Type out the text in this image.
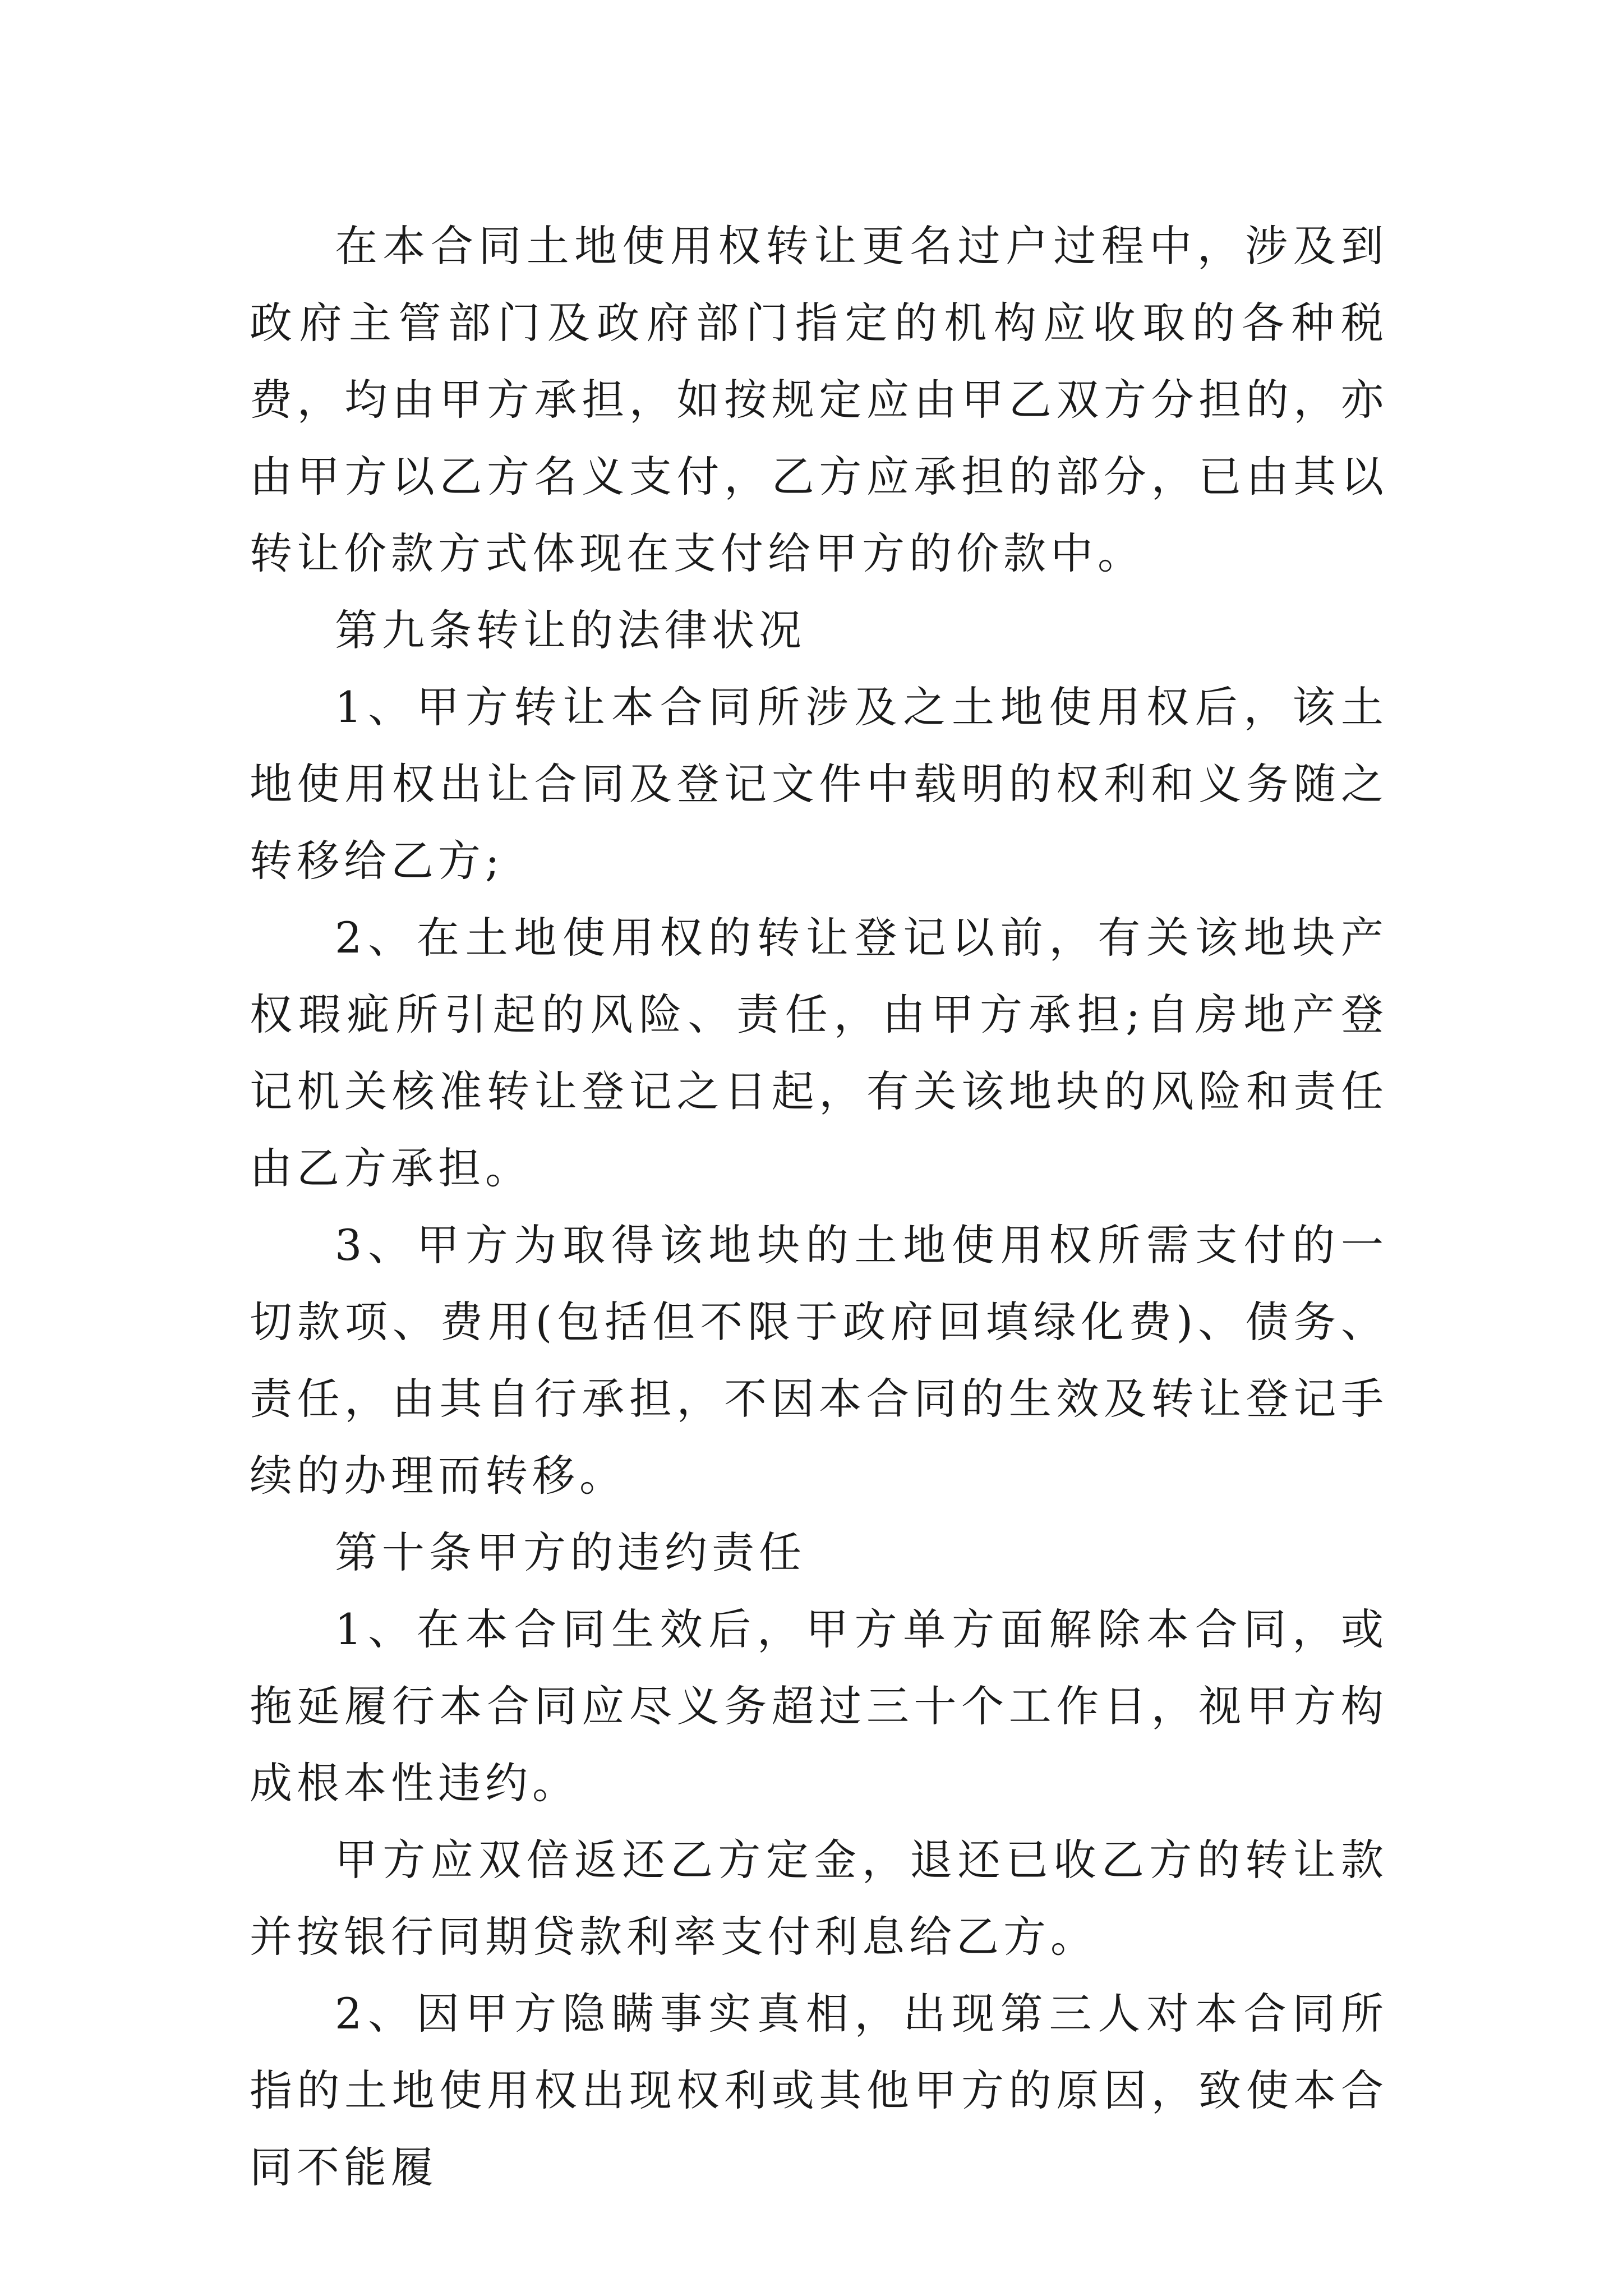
在本合同土地使用权转让更名过户过程中，涉及到政府主管部门及政府部门指定的机构应收取的各种税费，均由甲方承担，如按规定应由甲乙双方分担的，亦由甲方以乙方名义支付，乙方应承担的部分，已由其以转让价款方式体现在支付给甲方的价款中。

第九条转让的法律状况

1、甲方转让本合同所涉及之土地使用权后，该土地使用权出让合同及登记文件中载明的权利和义务随之转移给乙方;

2、在土地使用权的转让登记以前，有关该地块产权瑕疵所引起的风险、责任，由甲方承担;自房地产登记机关核准转让登记之日起，有关该地块的风险和责任由乙方承担。

3、甲方为取得该地块的土地使用权所需支付的一切款项、费用(包括但不限于政府回填绿化费)、债务、责任，由其自行承担，不因本合同的生效及转让登记手续的办理而转移。

第十条甲方的违约责任

1、在本合同生效后，甲方单方面解除本合同，或拖延履行本合同应尽义务超过三十个工作日，视甲方构成根本性违约。

甲方应双倍返还乙方定金，退还已收乙方的转让款并按银行同期贷款利率支付利息给乙方。

2、因甲方隐瞒事实真相，出现第三人对本合同所指的土地使用权出现权利或其他甲方的原因，致使本合同不能履
